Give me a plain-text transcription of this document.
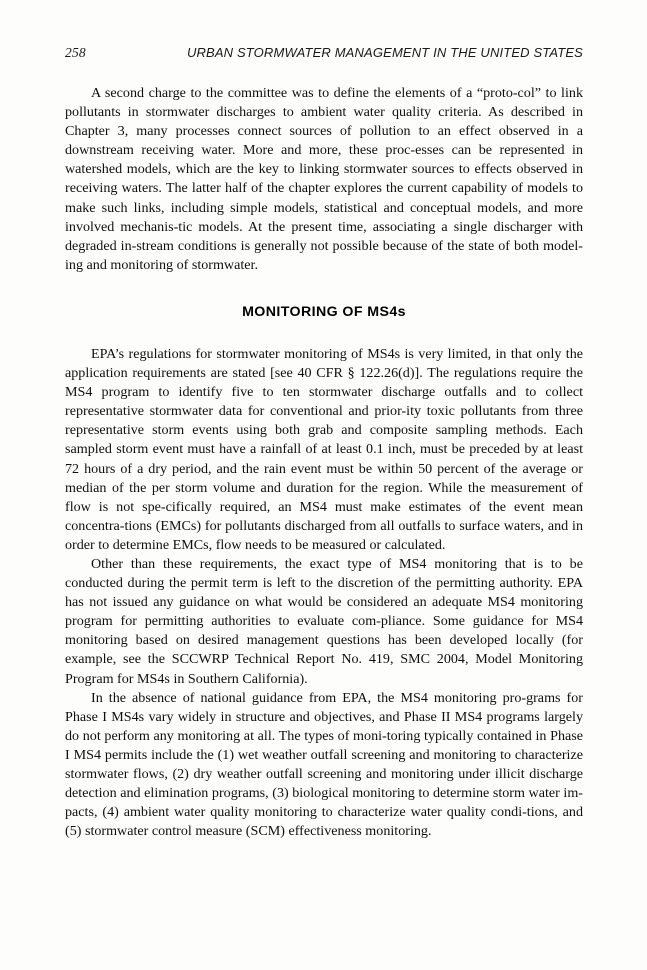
258	URBAN STORMWATER MANAGEMENT IN THE UNITED STATES

A second charge to the committee was to define the elements of a “proto-col” to link pollutants in stormwater discharges to ambient water quality criteria. As described in Chapter 3, many processes connect sources of pollution to an effect observed in a downstream receiving water. More and more, these proc-esses can be represented in watershed models, which are the key to linking stormwater sources to effects observed in receiving waters. The latter half of the chapter explores the current capability of models to make such links, including simple models, statistical and conceptual models, and more involved mechanis-tic models. At the present time, associating a single discharger with degraded in-stream conditions is generally not possible because of the state of both model-ing and monitoring of stormwater.

MONITORING OF MS4s

EPA’s regulations for stormwater monitoring of MS4s is very limited, in that only the application requirements are stated [see 40 CFR § 122.26(d)]. The regulations require the MS4 program to identify five to ten stormwater discharge outfalls and to collect representative stormwater data for conventional and prior-ity toxic pollutants from three representative storm events using both grab and composite sampling methods. Each sampled storm event must have a rainfall of at least 0.1 inch, must be preceded by at least 72 hours of a dry period, and the rain event must be within 50 percent of the average or median of the per storm volume and duration for the region. While the measurement of flow is not spe-cifically required, an MS4 must make estimates of the event mean concentra-tions (EMCs) for pollutants discharged from all outfalls to surface waters, and in order to determine EMCs, flow needs to be measured or calculated.

Other than these requirements, the exact type of MS4 monitoring that is to be conducted during the permit term is left to the discretion of the permitting authority. EPA has not issued any guidance on what would be considered an adequate MS4 monitoring program for permitting authorities to evaluate com-pliance. Some guidance for MS4 monitoring based on desired management questions has been developed locally (for example, see the SCCWRP Technical Report No. 419, SMC 2004, Model Monitoring Program for MS4s in Southern California).

In the absence of national guidance from EPA, the MS4 monitoring pro-grams for Phase I MS4s vary widely in structure and objectives, and Phase II MS4 programs largely do not perform any monitoring at all. The types of moni-toring typically contained in Phase I MS4 permits include the (1) wet weather outfall screening and monitoring to characterize stormwater flows, (2) dry weather outfall screening and monitoring under illicit discharge detection and elimination programs, (3) biological monitoring to determine storm water im-pacts, (4) ambient water quality monitoring to characterize water quality condi-tions, and (5) stormwater control measure (SCM) effectiveness monitoring.
